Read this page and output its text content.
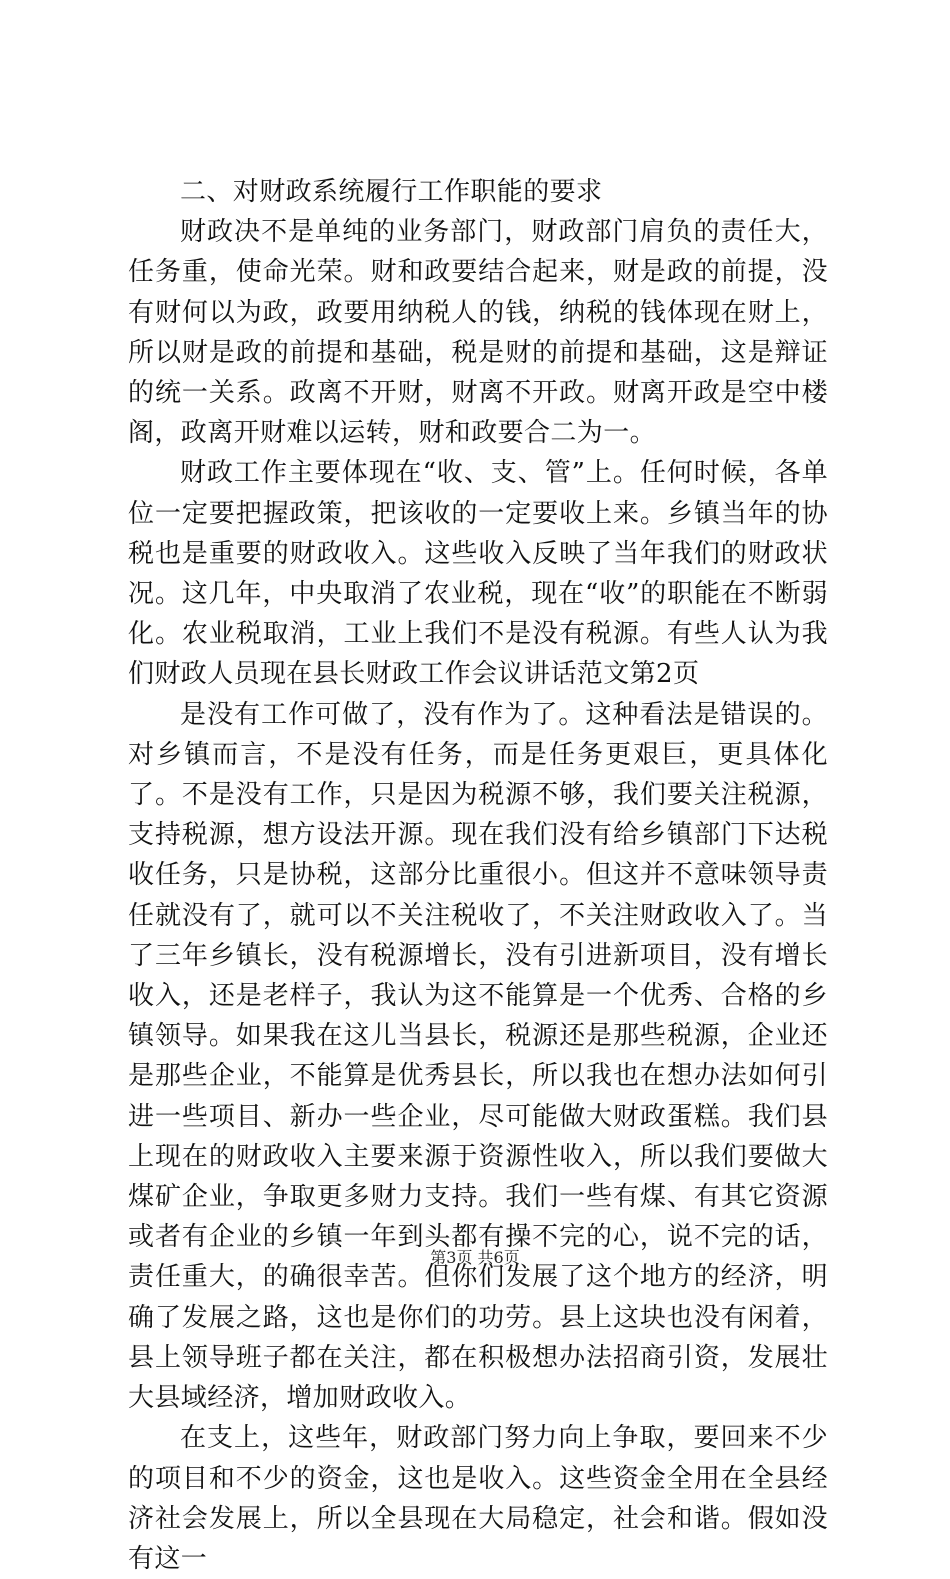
二、对财政系统履行工作职能的要求

财政决不是单纯的业务部门，财政部门肩负的责任大，任务重，使命光荣。财和政要结合起来，财是政的前提，没有财何以为政，政要用纳税人的钱，纳税的钱体现在财上，所以财是政的前提和基础，税是财的前提和基础，这是辩证的统一关系。政离不开财，财离不开政。财离开政是空中楼阁，政离开财难以运转，财和政要合二为一。

财政工作主要体现在“收、支、管”上。任何时候，各单位一定要把握政策，把该收的一定要收上来。乡镇当年的协税也是重要的财政收入。这些收入反映了当年我们的财政状况。这几年，中央取消了农业税，现在“收”的职能在不断弱化。农业税取消，工业上我们不是没有税源。有些人认为我们财政人员现在县长财政工作会议讲话范文第2页

是没有工作可做了，没有作为了。这种看法是错误的。对乡镇而言，不是没有任务，而是任务更艰巨，更具体化了。不是没有工作，只是因为税源不够，我们要关注税源，支持税源，想方设法开源。现在我们没有给乡镇部门下达税收任务，只是协税，这部分比重很小。但这并不意味领导责任就没有了，就可以不关注税收了，不关注财政收入了。当了三年乡镇长，没有税源增长，没有引进新项目，没有增长收入，还是老样子，我认为这不能算是一个优秀、合格的乡镇领导。如果我在这儿当县长，税源还是那些税源，企业还是那些企业，不能算是优秀县长，所以我也在想办法如何引进一些项目、新办一些企业，尽可能做大财政蛋糕。我们县上现在的财政收入主要来源于资源性收入，所以我们要做大煤矿企业，争取更多财力支持。我们一些有煤、有其它资源或者有企业的乡镇一年到头都有操不完的心，说不完的话，责任重大，的确很幸苦。但你们发展了这个地方的经济，明确了发展之路，这也是你们的功劳。县上这块也没有闲着，县上领导班子都在关注，都在积极想办法招商引资，发展壮大县域经济，增加财政收入。

在支上，这些年，财政部门努力向上争取，要回来不少的项目和不少的资金，这也是收入。这些资金全用在全县经济社会发展上，所以全县现在大局稳定，社会和谐。假如没有这一

第3页 共6页
